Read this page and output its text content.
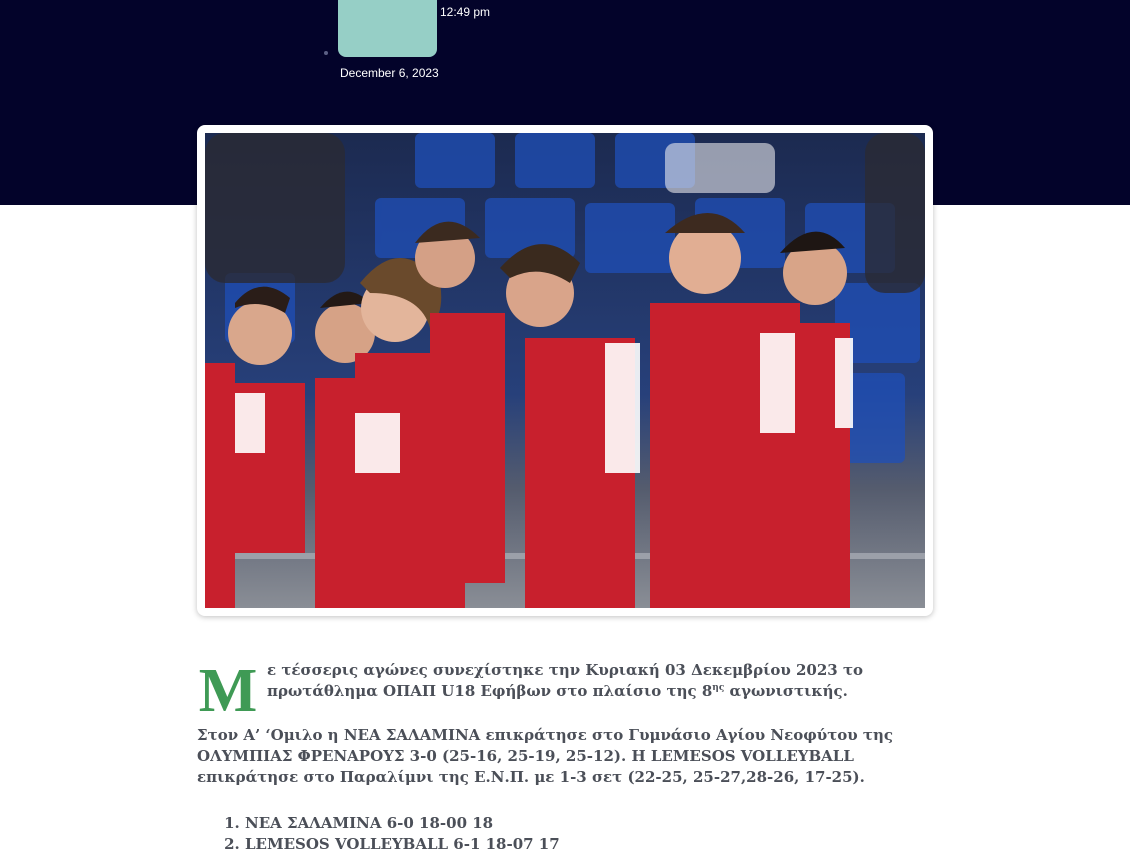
12:49 pm
December 6, 2023
Μ ε τέσσερις αγώνες συνεχίστηκε την Κυριακή 03 Δεκεμβρίου 2023 το πρωτάθλημα ΟΠΑΠ U18 Εφήβων στο πλαίσιο της $8^{\eta\varsigma}$ αγωνιστικής.

Στον Α’ ‘Ομιλο η ΝΕΑ ΣΑΛΑΜΙΝΑ επικράτησε στο Γυμνάσιο Αγίου Νεοφύτου της ΟΛΥΜΠΙΑΣ ΦΡΕΝΑΡΟΥΣ 3-0 (25-16, 25-19, 25-12). Η LEMESOS VOLLEYBALL επικράτησε στο Παραλίμνι της Ε.Ν.Π. με 1-3 σετ (22-25, 25-27,28-26, 17-25).

1. ΝΕΑ ΣΑΛΑΜΙΝΑ 6-0 18-00 18
2. LEMESOS VOLLEYBALL 6-1 18-07 17
